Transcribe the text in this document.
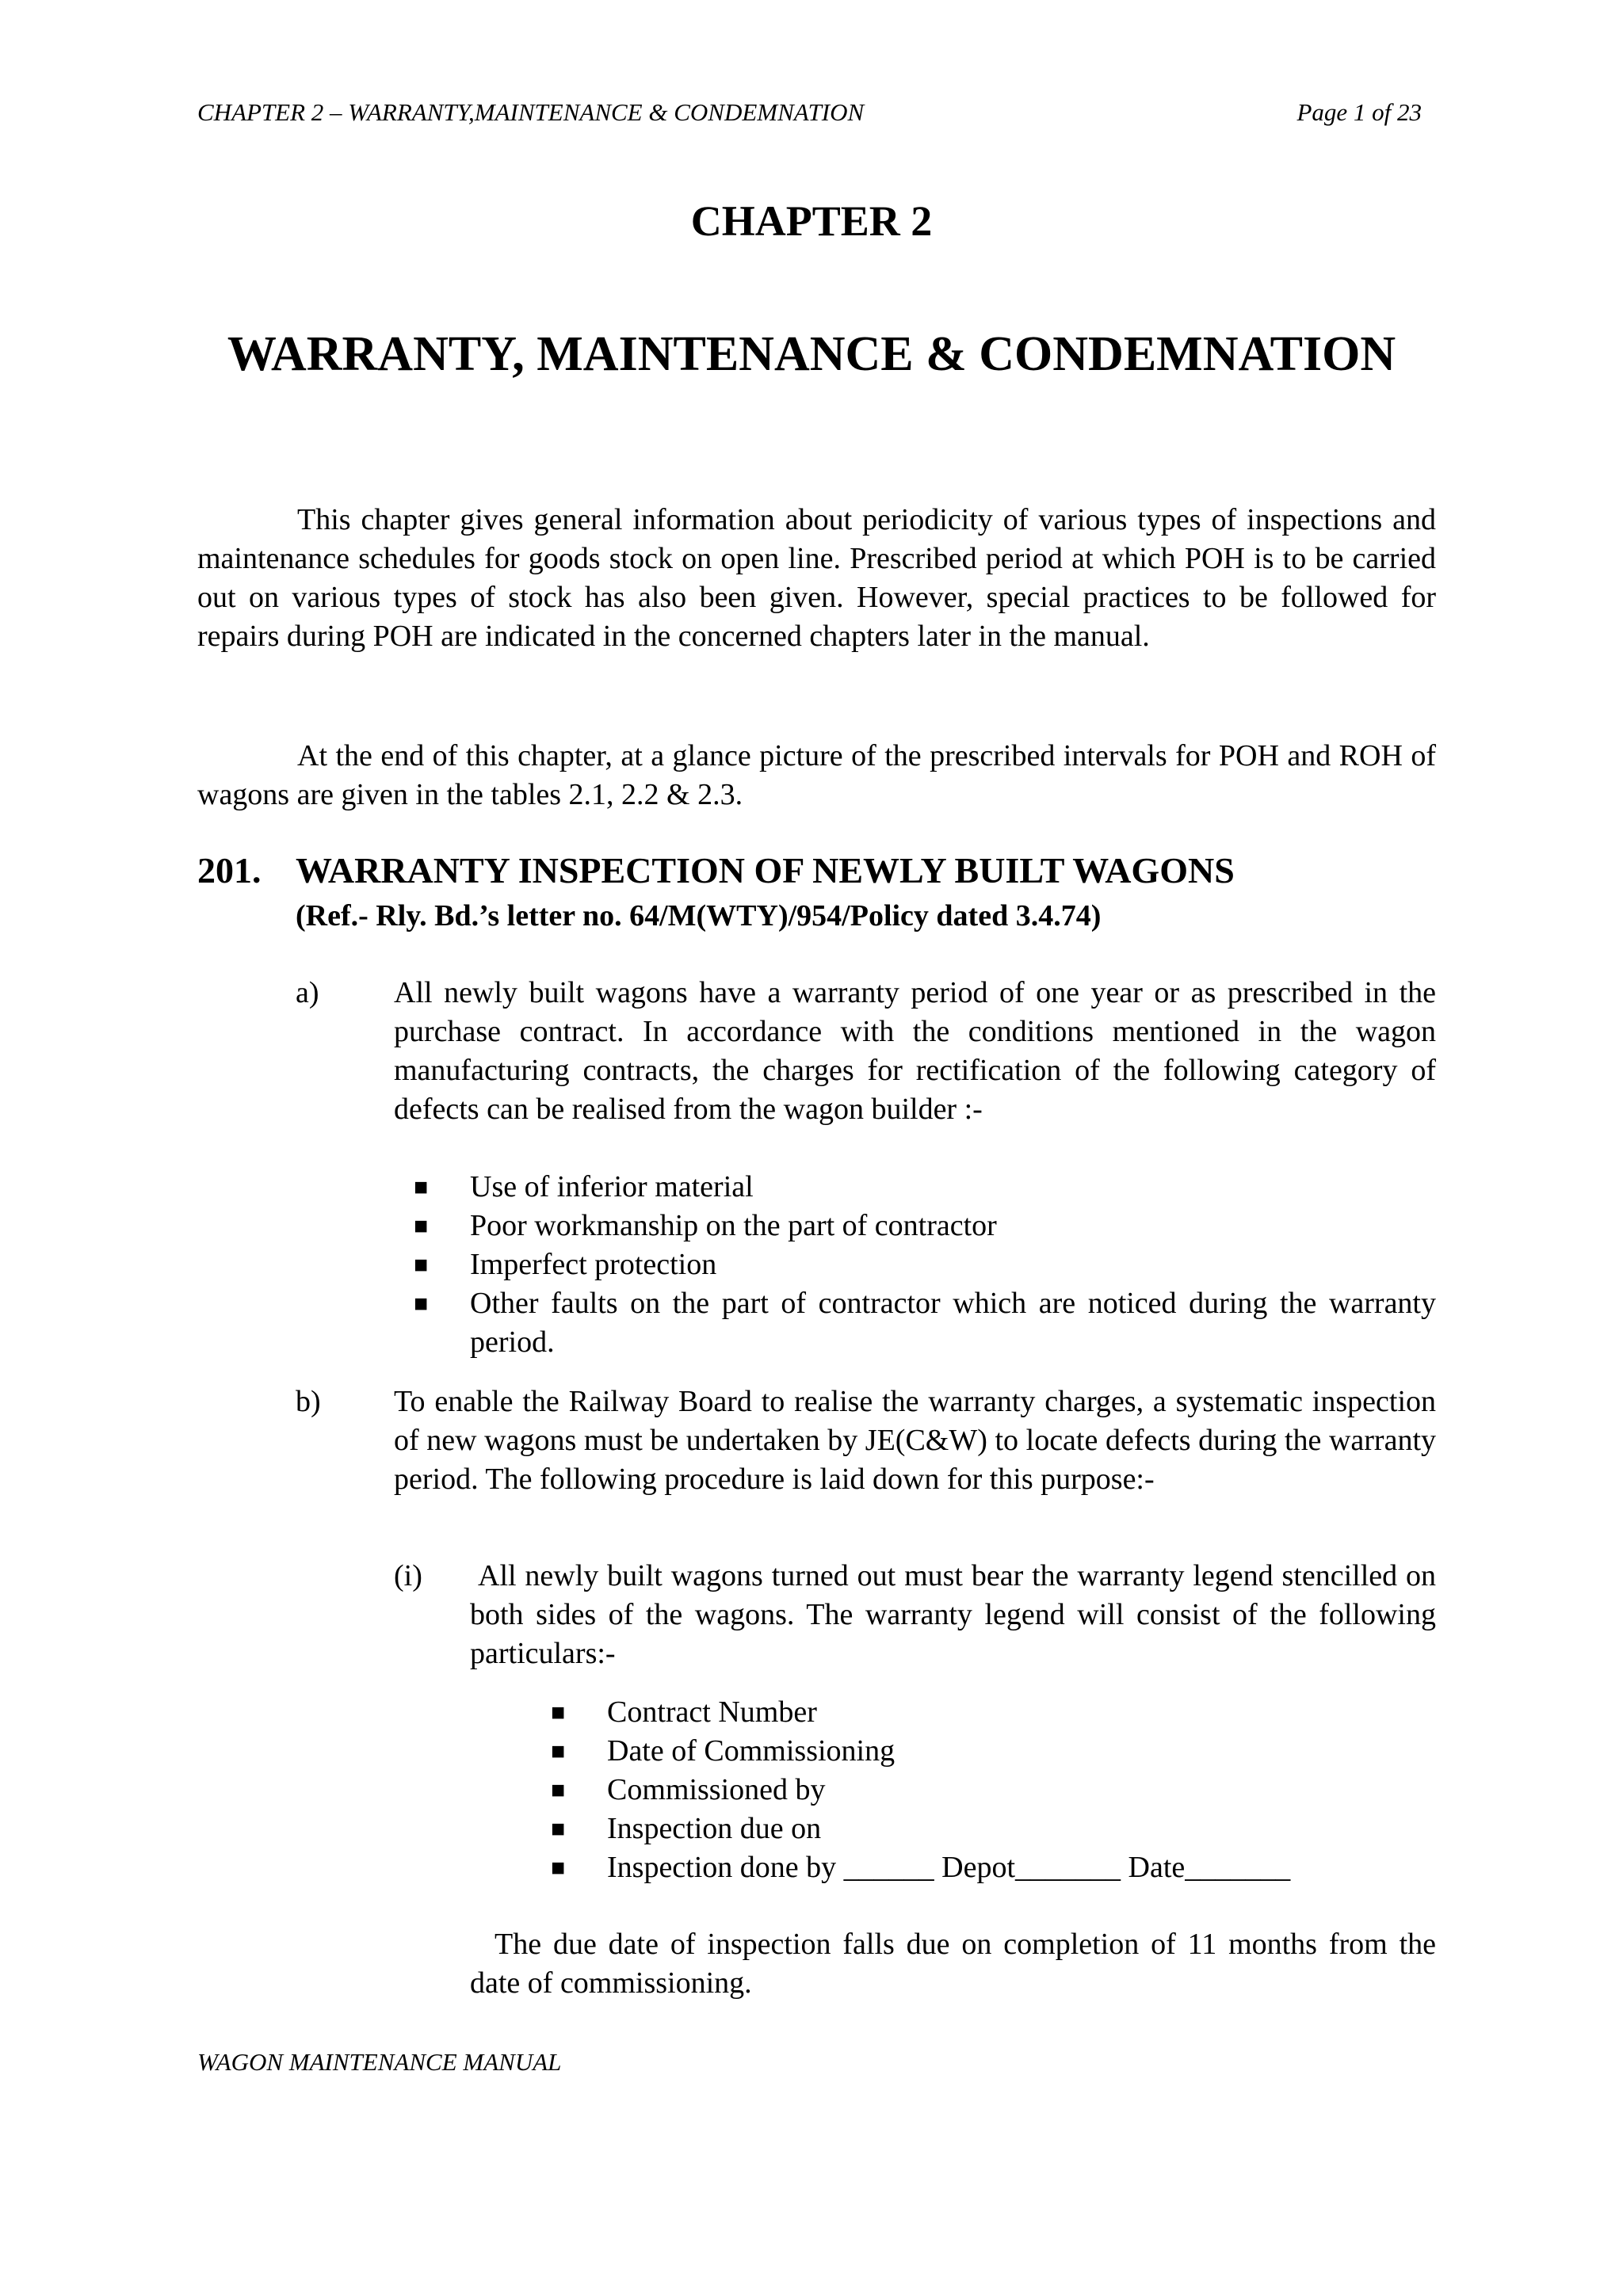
CHAPTER 2 – WARRANTY,MAINTENANCE & CONDEMNATION	Page 1 of 23
CHAPTER 2
WARRANTY, MAINTENANCE & CONDEMNATION

This chapter gives general information about periodicity of various types of inspections and maintenance schedules for goods stock on open line. Prescribed period at which POH is to be carried out on various types of stock has also been given. However, special practices to be followed for repairs during POH are indicated in the concerned chapters later in the manual.

At the end of this chapter, at a glance picture of the prescribed intervals for POH and ROH of wagons are given in the tables 2.1, 2.2 & 2.3.

201. WARRANTY INSPECTION OF NEWLY BUILT WAGONS
(Ref.- Rly. Bd.’s letter no. 64/M(WTY)/954/Policy dated 3.4.74)
a) All newly built wagons have a warranty period of one year or as prescribed in the purchase contract. In accordance with the conditions mentioned in the wagon manufacturing contracts, the charges for rectification of the following category of defects can be realised from the wagon builder :-
■ Use of inferior material
■ Poor workmanship on the part of contractor
■ Imperfect protection
■ Other faults on the part of contractor which are noticed during the warranty period.
b) To enable the Railway Board to realise the warranty charges, a systematic inspection of new wagons must be undertaken by JE(C&W) to locate defects during the warranty period. The following procedure is laid down for this purpose:-
(i) All newly built wagons turned out must bear the warranty legend stencilled on both sides of the wagons. The warranty legend will consist of the following particulars:-
■ Contract Number
■ Date of Commissioning
■ Commissioned by
■ Inspection due on
■ Inspection done by ______ Depot_______ Date_______

The due date of inspection falls due on completion of 11 months from the date of commissioning.

WAGON MAINTENANCE MANUAL
